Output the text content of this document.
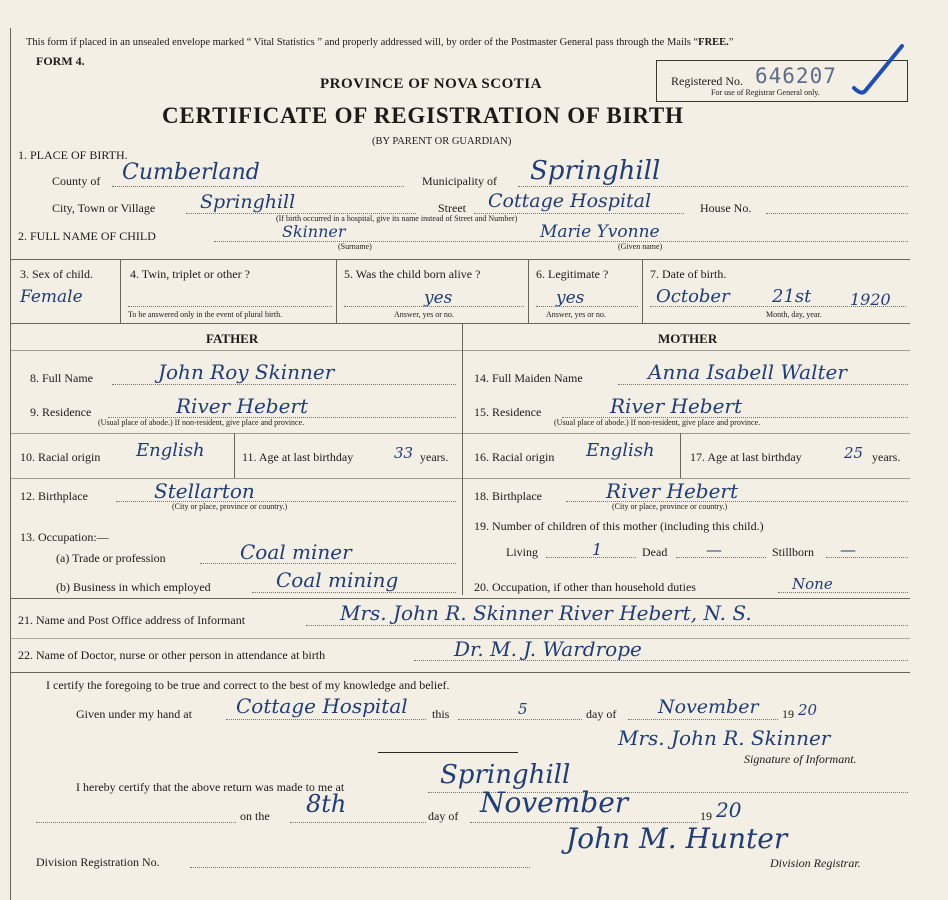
This form if placed in an unsealed envelope marked “ Vital Statistics ” and properly addressed will, by order of the Postmaster General pass through the Mails “FREE.”
FORM 4.
PROVINCE OF NOVA SCOTIA
CERTIFICATE OF REGISTRATION OF BIRTH
(BY PARENT OR GUARDIAN)
Registered No. 646207
For use of Registrar General only.
1. PLACE OF BIRTH.
County of Cumberland	Municipality of Springhill
City, Town or Village Springhill
(If birth occurred in a hospital, give its name instead of Street and Number)
Street Cottage Hospital	House No.
2. FULL NAME OF CHILD	Skinner
(Surname)
Marie Yvonne
(Given name)
3. Sex of child.
Female
4. Twin, triplet or other ?
To be answered only in the event of plural birth.
5. Was the child born alive ?
yes
Answer, yes or no.
6. Legitimate ?
yes
Answer, yes or no.
7. Date of birth.
October 21st 1920
Month, day, year.
FATHER	MOTHER
8. Full Name	John Roy Skinner
9. Residence	River Hebert
(Usual place of abode.) If non-resident, give place and province.
10. Racial origin English	11. Age at last birthday	33 years.
12. Birthplace	Stellarton
(City or place, province or country.)
13. Occupation:—
(a) Trade or profession	Coal miner
(b) Business in which employed	Coal mining
14. Full Maiden Name	Anna Isabell Walter
15. Residence	River Hebert
(Usual place of abode.) If non-resident, give place and province.
16. Racial origin English	17. Age at last birthday	25 years.
18. Birthplace	River Hebert
(City or place, province or country.)
19. Number of children of this mother (including this child.)
Living	1	Dead —	Stillborn —
20. Occupation, if other than household duties	None
21. Name and Post Office address of Informant	Mrs. John R. Skinner River Hebert, N. S.
22. Name of Doctor, nurse or other person in attendance at birth	Dr. M. J. Wardrope
I certify the foregoing to be true and correct to the best of my knowledge and belief.
Given under my hand at Cottage Hospital this	5	day of November 19 20
Mrs. John R. Skinner
Signature of Informant.
I hereby certify that the above return was made to me at	Springhill
on the 8th	day of November	19 20
Division Registration No.
John M. Hunter
Division Registrar.
